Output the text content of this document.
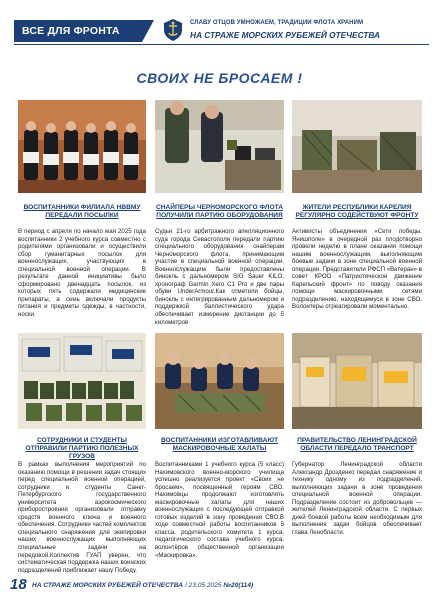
ВСЕ ДЛЯ ФРОНТА
СЛАВУ ОТЦОВ УМНОЖАЕМ, ТРАДИЦИИ ФЛОТА ХРАНИМ
НА СТРАЖЕ МОРСКИХ РУБЕЖЕЙ ОТЕЧЕСТВА
СВОИХ НЕ БРОСАЕМ !
ВОСПИТАННИКИ ФИЛИАЛА НВВМУ ПЕРЕДАЛИ ПОСЫЛКИ
СНАЙПЕРЫ ЧЕРНОМОРСКОГО ФЛОТА ПОЛУЧИЛИ ПАРТИЮ ОБОРУДОВАНИЯ
ЖИТЕЛИ РЕСПУБЛИКИ КАРЕЛИЯ РЕГУЛЯРНО СОДЕЙСТВУЮТ ФРОНТУ
В период с апреля по начало мая 2025 года воспитанники 2 учебного курса совместно с родителями организовали и осуществили сбор гуманитарных посылок для военнослужащих, участвующих в специальной военной операции. В результате данной инициативы было сформировано двенадцать посылок, из которых пять содержали медицинские препараты, а семь включали продукты питания и предметы одежды, в частности, носки.
Судьи 21-го арбитражного апелляционного суда города Севастополя передали партию специального оборудования снайперам Черноморского флота, принимающим участие в специальной военной операции. Военнослужащим были предоставлены бинокль с дальномером SIG Sauer KILO, хронограф Garmin Xero C1 Pro и две пары обуви UnderArmour.Как отметили бойцы, бинокль с интегрированным дальномером и поддержкой баллистического удара обеспечивает измерение дистанции до 5 километров
Активисты объединения «Сети победы. Янишполе» в очередной раз плодотворно провели неделю в плане оказания помощи нашим военнослужащим, выполняющим боевые задачи в зоне специальной военной операции. Представители РФСП «Ветеран» в совет КРОО «Патриотическое движение Карельский фронт» по поводу оказания помощи маскировочными сетями подразделению, находящемуся в зоне СВО. Волонтеры отреагировали моментально.
СОТРУДНИКИ И СТУДЕНТЫ ОТПРАВИЛИ ПАРТИЮ ПОЛЕЗНЫХ ГРУЗОВ
ВОСПИТАННИКИ ИЗГОТАВЛИВАЮТ МАСКИРОВОЧНЫЕ ХАЛАТЫ
ПРАВИТЕЛЬСТВО ЛЕНИНГРАДСКОЙ ОБЛАСТИ ПЕРЕДАЛО ТРАНСПОРТ
В рамках выполнения мероприятий по оказанию помощи в решении задач стоящих перед специальной военной операцией, сотрудники и студенты Санкт-Петербургского государственного университета аэрокосмического приборостроения организовали отправку средств военного ключа и военного обеспечения. Сотрудники частей комплектов специального снаряжения для экипировки наших военнослужащих выполняющих специальные задачи на передовой.Коллектив ГУАП уверен, что систематическая поддержка наших воинских подразделений приближает нашу Победу.
Воспитанниками 1 учебного курса (5 класс) Нахимовского военно-морского училища успешно реализуется проект «Своих не бросаем», посвященный героям СВО. Нахимовцы продолжают изготовлять маскировочные халаты для наших военнослужащих с последующей отправкой готовых изделий в зону проведения СВО.В ходе совместной работы воспитанников 5 класса, родительского комитета 1 курса, педагогического состава учебного курса, волонтёров общественной организации «Маскировка».
Губернатор Ленинградской области Александр Дрозденко передал снаряжение и технику одному из подразделений, выполняющих задачи в зоне проведения специальной военной операции. Подразделение состоит из добровольцев — жителей Ленинградской области. С первых дней боевой работы всем необходимым для выполнения задач бойцов обеспечивает глава Ленобласти.
18 НА СТРАЖЕ МОРСКИХ РУБЕЖЕЙ ОТЕЧЕСТВА / 23.05.2025 №20(114)
